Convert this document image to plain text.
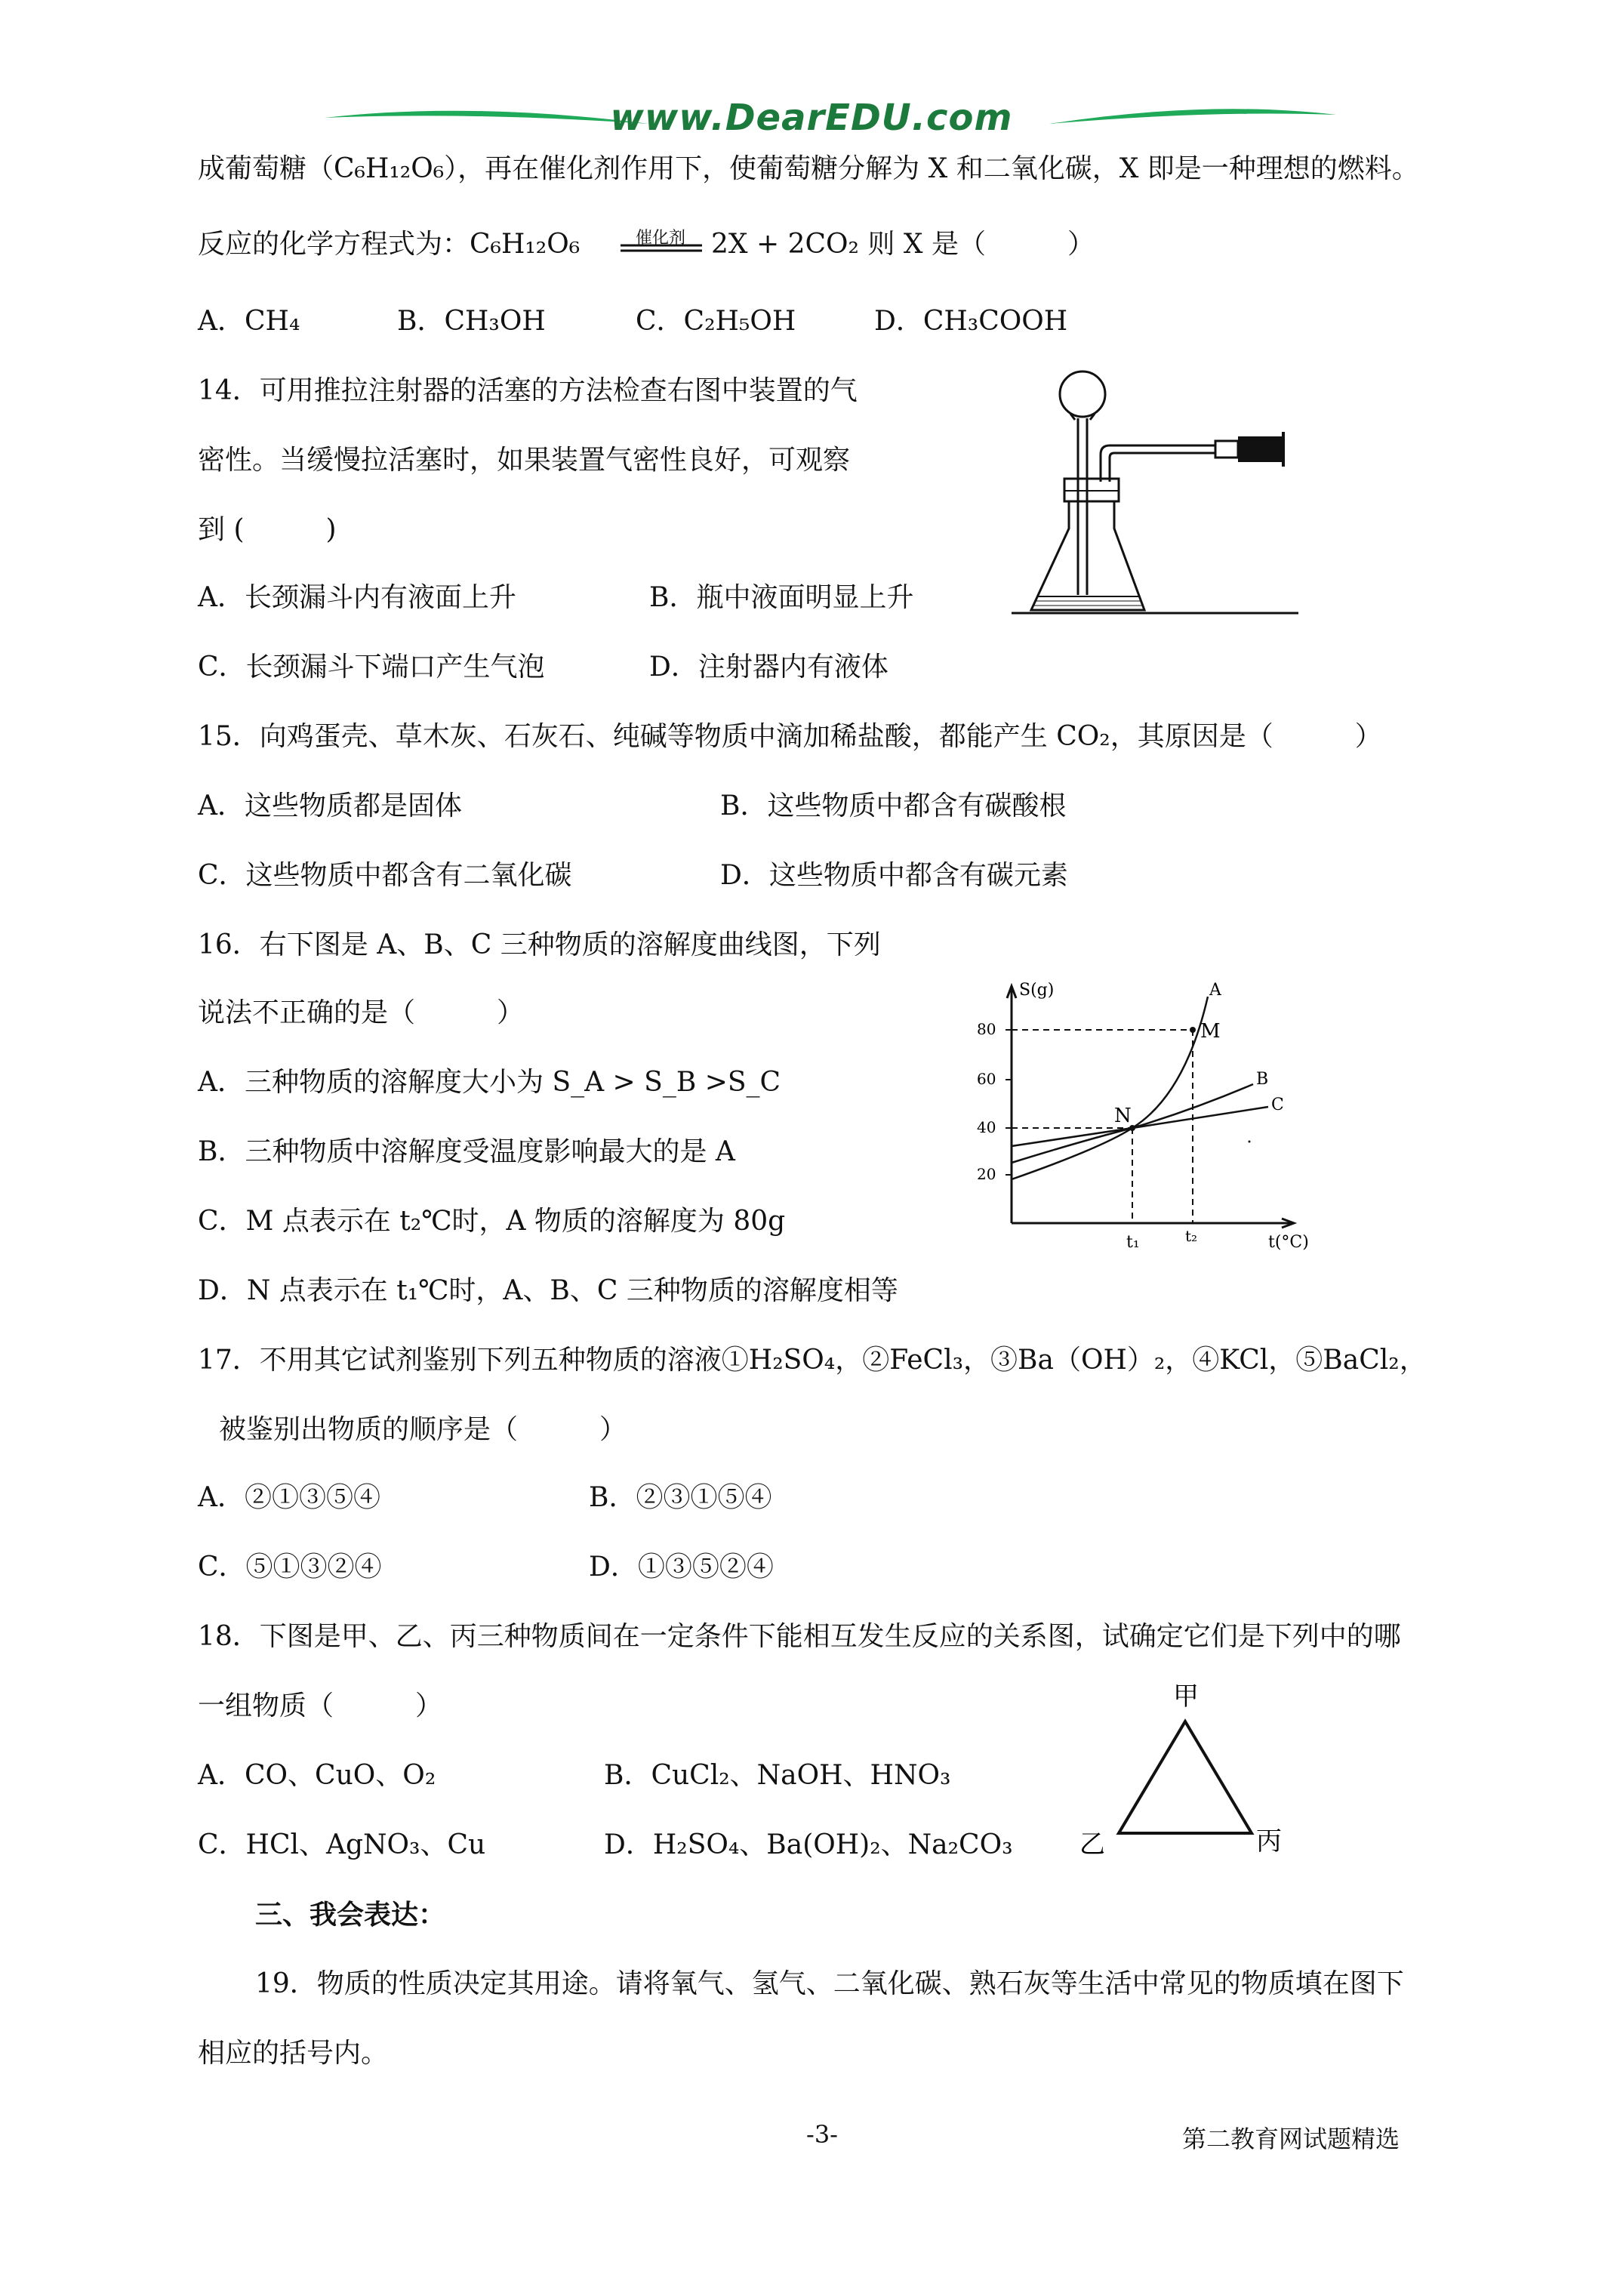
www.DearEDU.com
成葡萄糖（C₆H₁₂O₆），再在催化剂作用下，使葡萄糖分解为 X 和二氧化碳，X 即是一种理想的燃料。
反应的化学方程式为：C₆H₁₂O₆	催化剂 2X + 2CO₂ 则 X 是（　　　）
A．CH₄	B．CH₃OH	C．C₂H₅OH	D．CH₃COOH
14．可用推拉注射器的活塞的方法检查右图中装置的气
密性。当缓慢拉活塞时，如果装置气密性良好，可观察
到 (　　　)
A．长颈漏斗内有液面上升	B．瓶中液面明显上升
C．长颈漏斗下端口产生气泡	D．注射器内有液体
15．向鸡蛋壳、草木灰、石灰石、纯碱等物质中滴加稀盐酸，都能产生 CO₂，其原因是（　　　）
A．这些物质都是固体	B．这些物质中都含有碳酸根
C．这些物质中都含有二氧化碳	D．这些物质中都含有碳元素
16．右下图是 A、B、C 三种物质的溶解度曲线图，下列
说法不正确的是（　　　）
A．三种物质的溶解度大小为 S_A > S_B >S_C
B．三种物质中溶解度受温度影响最大的是 A
C．M 点表示在 t₂℃时，A 物质的溶解度为 80g
D．N 点表示在 t₁℃时，A、B、C 三种物质的溶解度相等
S(g)
t(°C)
80
60
40
20
A
B
C
M
N
t₁	t₂
17．不用其它试剂鉴别下列五种物质的溶液①H₂SO₄，②FeCl₃，③Ba（OH）₂，④KCl，⑤BaCl₂，
被鉴别出物质的顺序是（　　　）
A．②①③⑤④	B．②③①⑤④
C．⑤①③②④	D．①③⑤②④
18．下图是甲、乙、丙三种物质间在一定条件下能相互发生反应的关系图，试确定它们是下列中的哪
一组物质（　　　）
A．CO、CuO、O₂	B．CuCl₂、NaOH、HNO₃
C．HCl、AgNO₃、Cu	D．H₂SO₄、Ba(OH)₂、Na₂CO₃
甲
乙	丙
三、我会表达：
19．物质的性质决定其用途。请将氧气、氢气、二氧化碳、熟石灰等生活中常见的物质填在图下
相应的括号内。
-3-	第二教育网试题精选
